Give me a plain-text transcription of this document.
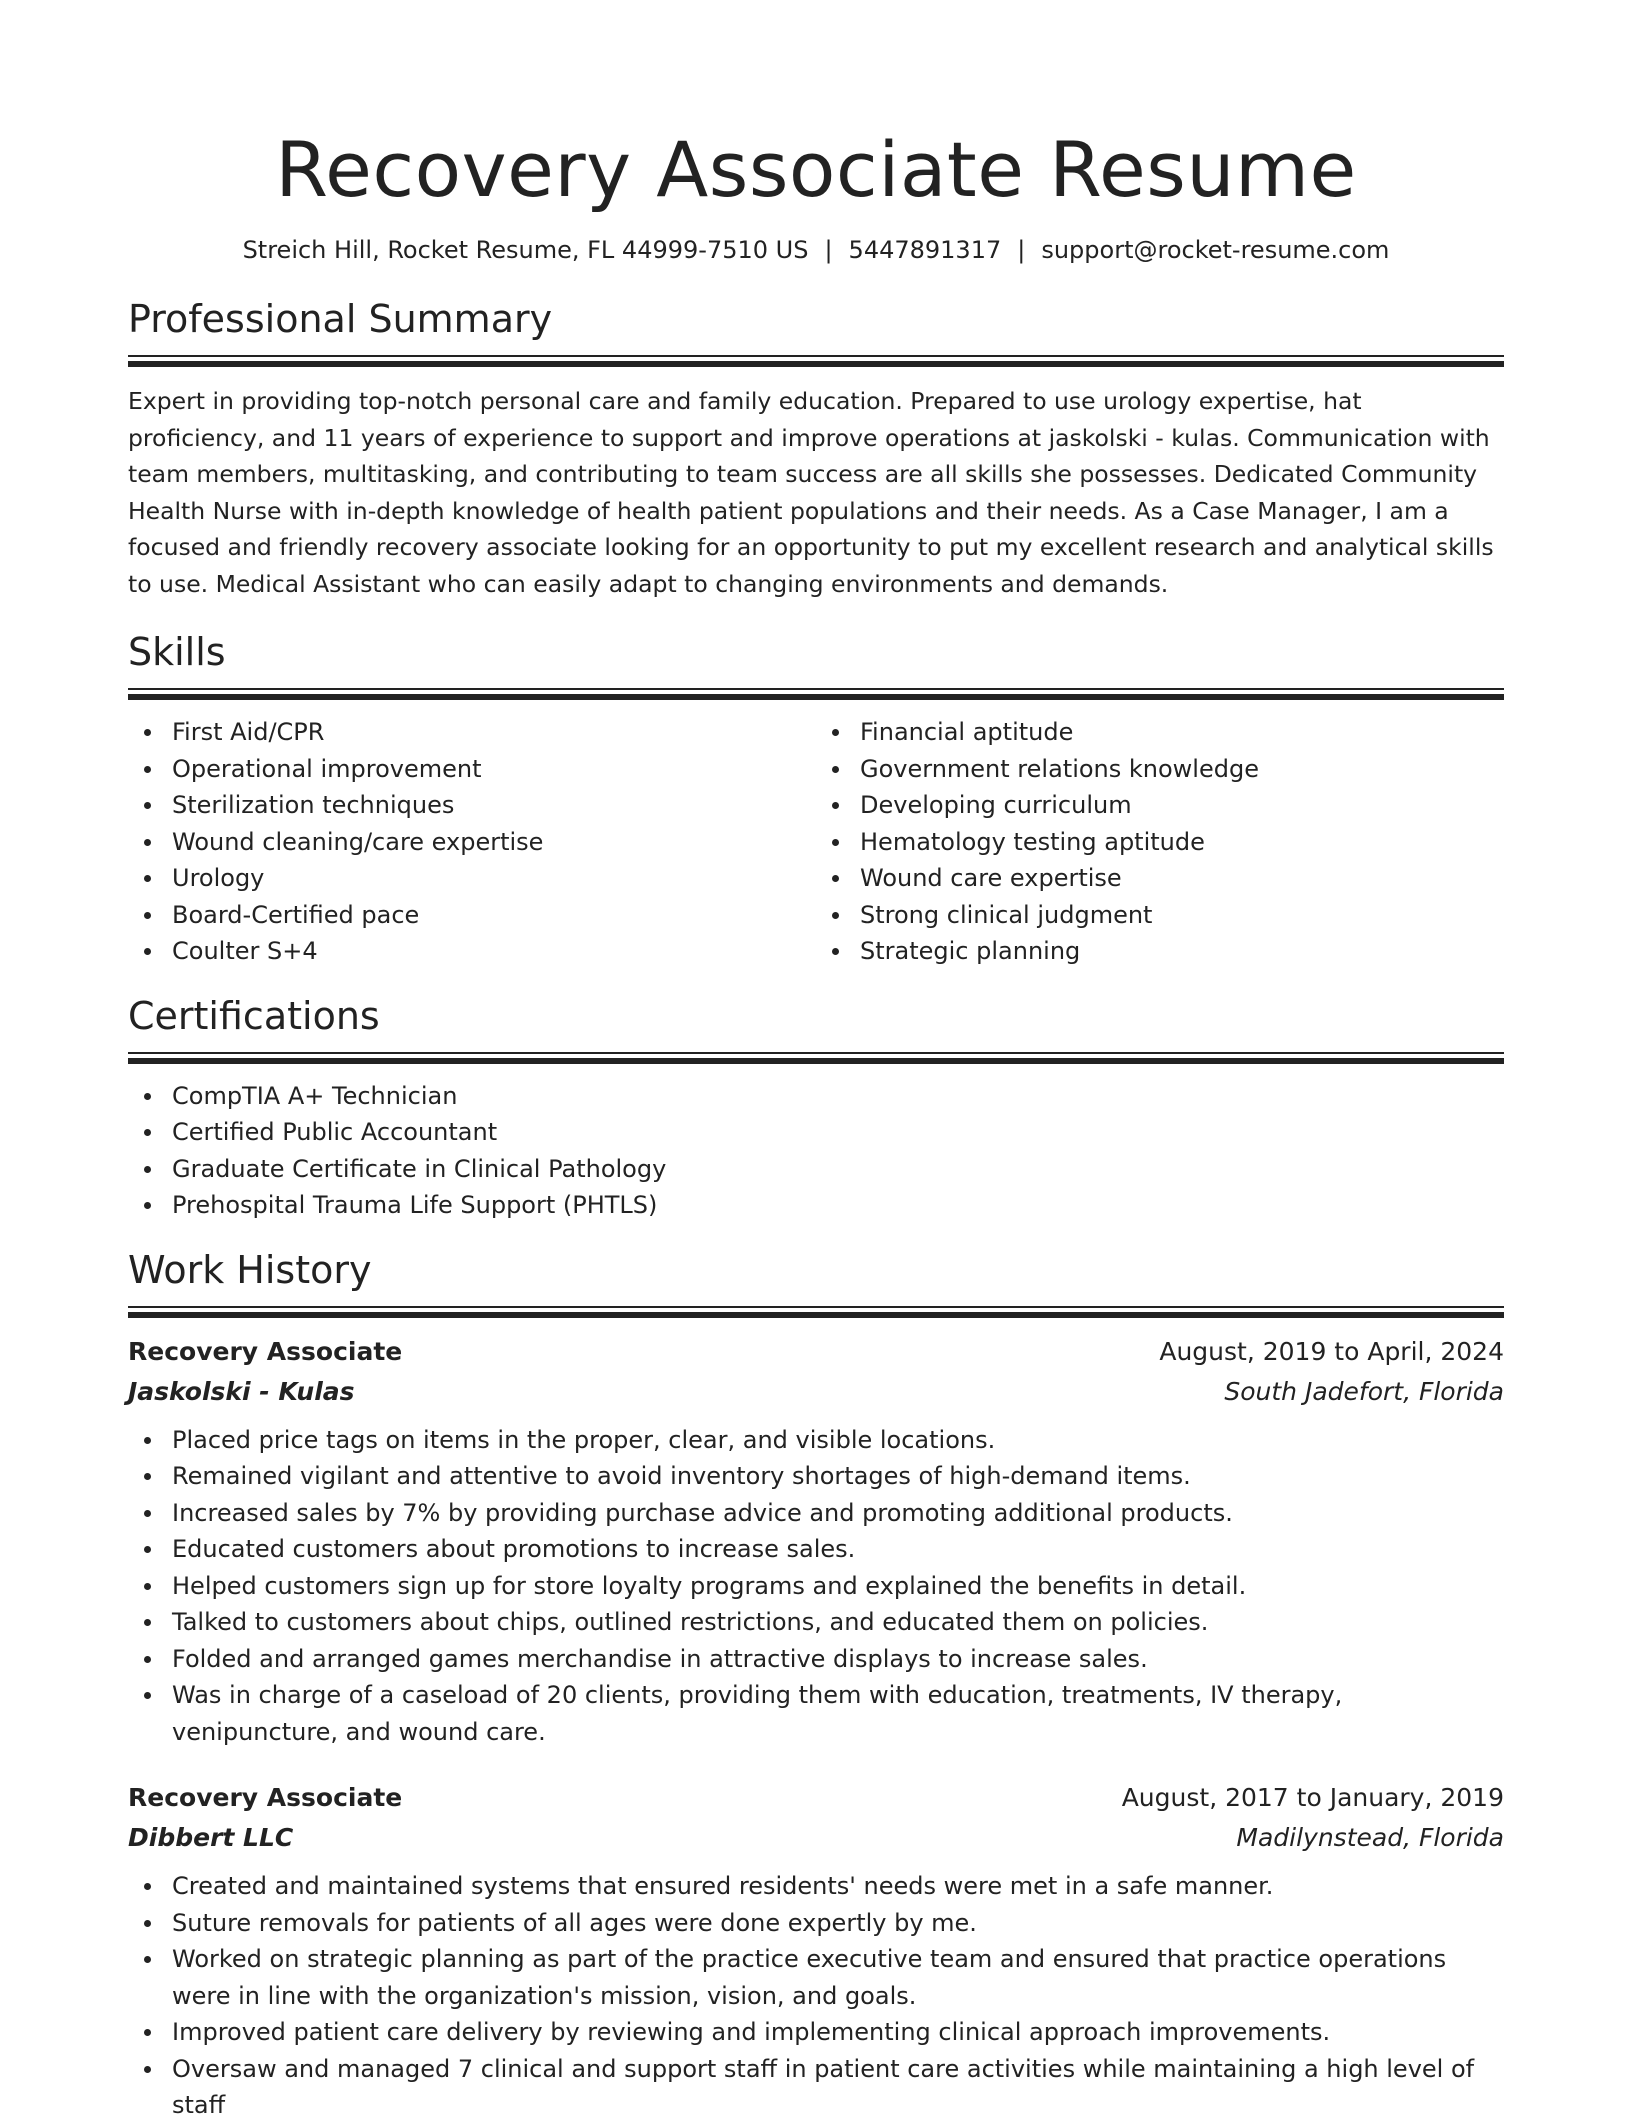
Recovery Associate Resume
Streich Hill, Rocket Resume, FL 44999-7510 US | 5447891317 | support@rocket-resume.com
Professional Summary

Expert in providing top-notch personal care and family education. Prepared to use urology expertise, hat proficiency, and 11 years of experience to support and improve operations at jaskolski - kulas. Communication with team members, multitasking, and contributing to team success are all skills she possesses. Dedicated Community Health Nurse with in-depth knowledge of health patient populations and their needs. As a Case Manager, I am a focused and friendly recovery associate looking for an opportunity to put my excellent research and analytical skills to use. Medical Assistant who can easily adapt to changing environments and demands.

Skills
First Aid/CPR
Operational improvement
Sterilization techniques
Wound cleaning/care expertise
Urology
Board-Certified pace
Coulter S+4
Financial aptitude
Government relations knowledge
Developing curriculum
Hematology testing aptitude
Wound care expertise
Strong clinical judgment
Strategic planning
Certifications
CompTIA A+ Technician
Certified Public Accountant
Graduate Certificate in Clinical Pathology
Prehospital Trauma Life Support (PHTLS)
Work History
Recovery Associate	August, 2019 to April, 2024
Jaskolski - Kulas	South Jadefort, Florida
Placed price tags on items in the proper, clear, and visible locations.
Remained vigilant and attentive to avoid inventory shortages of high-demand items.
Increased sales by 7% by providing purchase advice and promoting additional products.
Educated customers about promotions to increase sales.
Helped customers sign up for store loyalty programs and explained the benefits in detail.
Talked to customers about chips, outlined restrictions, and educated them on policies.
Folded and arranged games merchandise in attractive displays to increase sales.
Was in charge of a caseload of 20 clients, providing them with education, treatments, IV therapy, venipuncture, and wound care.
Recovery Associate	August, 2017 to January, 2019
Dibbert LLC	Madilynstead, Florida
Created and maintained systems that ensured residents' needs were met in a safe manner.
Suture removals for patients of all ages were done expertly by me.
Worked on strategic planning as part of the practice executive team and ensured that practice operations were in line with the organization's mission, vision, and goals.
Improved patient care delivery by reviewing and implementing clinical approach improvements.
Oversaw and managed 7 clinical and support staff in patient care activities while maintaining a high level of staff
